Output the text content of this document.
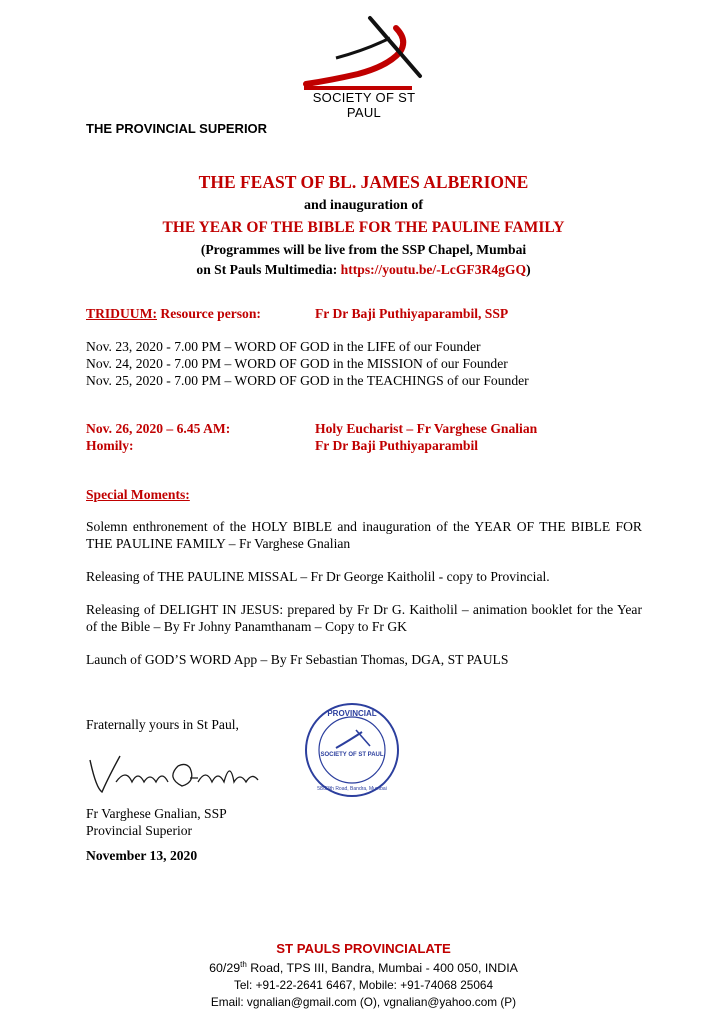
SOCIETY OF ST PAUL
THE PROVINCIAL SUPERIOR
THE FEAST OF BL. JAMES ALBERIONE
and inauguration of
THE YEAR OF THE BIBLE FOR THE PAULINE FAMILY
(Programmes will be live from the SSP Chapel, Mumbai
on St Pauls Multimedia: https://youtu.be/-LcGF3R4gGQ)
TRIDUUM: Resource person:	Fr Dr Baji Puthiyaparambil, SSP
Nov. 23, 2020 - 7.00 PM – WORD OF GOD in the LIFE of our Founder
Nov. 24, 2020 - 7.00 PM – WORD OF GOD in the MISSION of our Founder
Nov. 25, 2020 - 7.00 PM – WORD OF GOD in the TEACHINGS of our Founder
Nov. 26, 2020 – 6.45 AM:	Holy Eucharist – Fr Varghese Gnalian
Homily:	Fr Dr Baji Puthiyaparambil
Special Moments:
Solemn enthronement of the HOLY BIBLE and inauguration of the YEAR OF THE BIBLE FOR THE PAULINE FAMILY – Fr Varghese Gnalian
Releasing of THE PAULINE MISSAL – Fr Dr George Kaitholil - copy to Provincial.
Releasing of DELIGHT IN JESUS: prepared by Fr Dr G. Kaitholil – animation booklet for the Year of the Bible – By Fr Johny Panamthanam – Copy to Fr GK
Launch of GOD’S WORD App – By Fr Sebastian Thomas, DGA, ST PAULS
Fraternally yours in St Paul,
Fr Varghese Gnalian, SSP
Provincial Superior
November 13, 2020
PROVINCIAL
SOCIETY OF ST PAUL
58/23th Road, Bandra, Mumbai
ST PAULS PROVINCIALATE
60/29th Road, TPS III, Bandra, Mumbai - 400 050, INDIA
Tel: +91-22-2641 6467, Mobile: +91-74068 25064
Email: vgnalian@gmail.com (O), vgnalian@yahoo.com (P)
